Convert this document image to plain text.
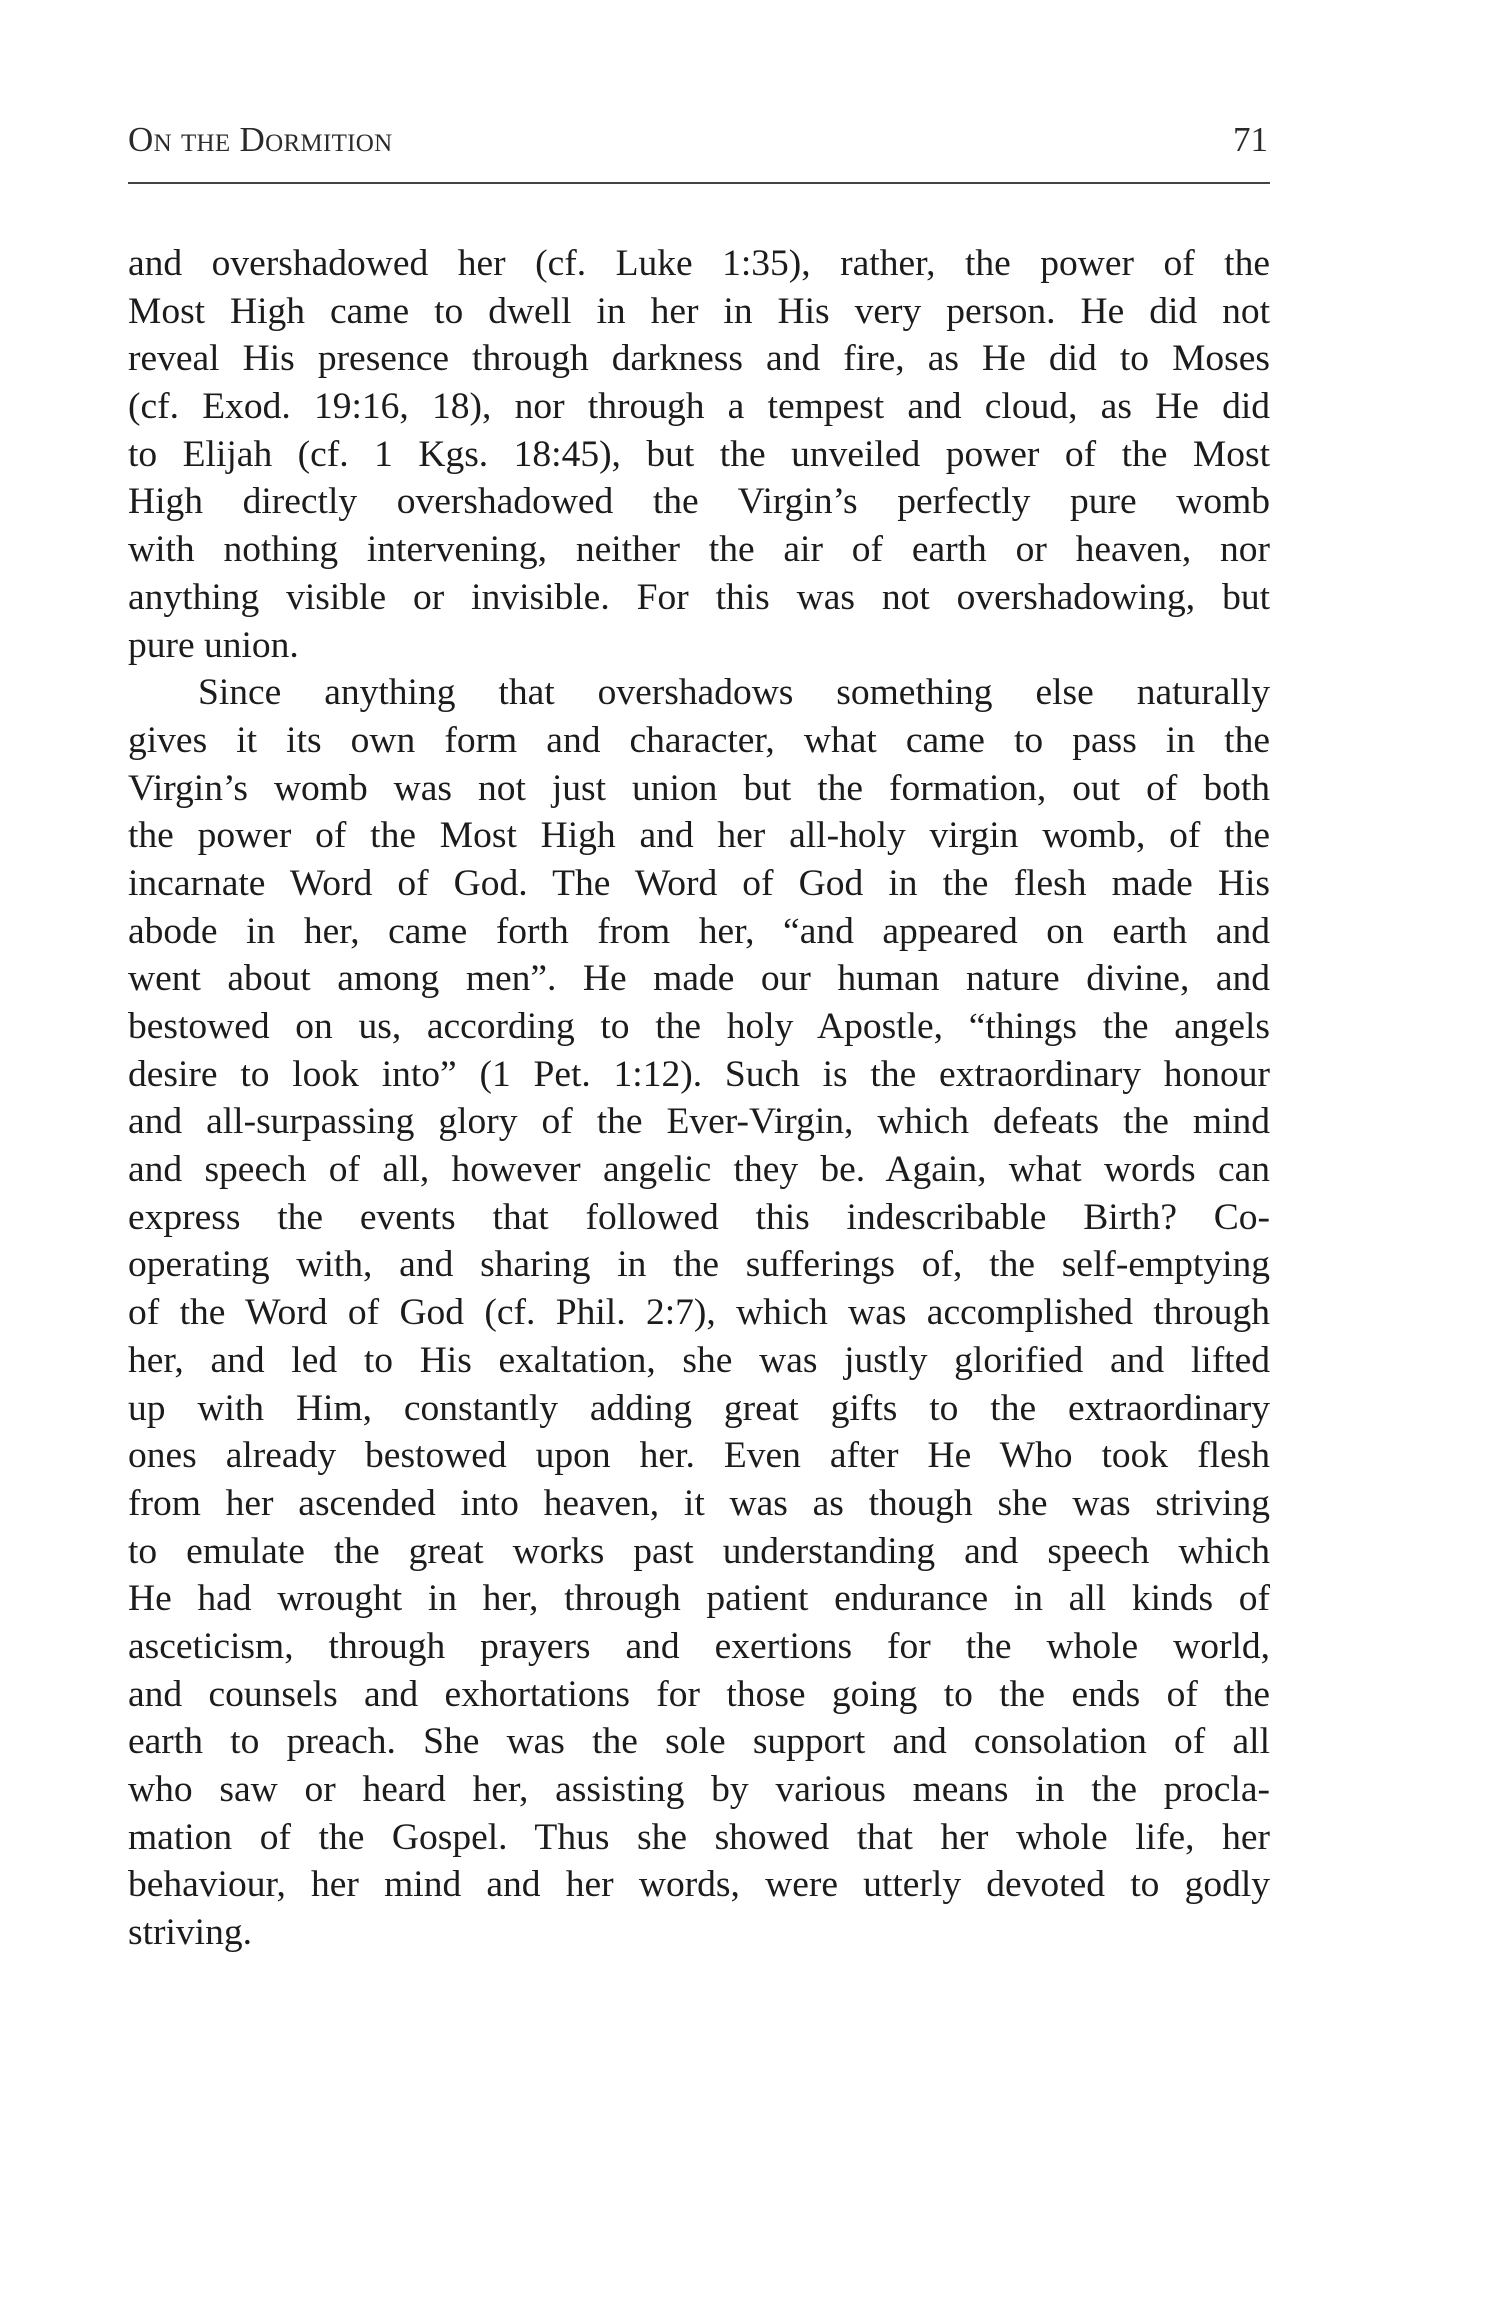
On the Dormition	71
and overshadowed her (cf. Luke 1:35), rather, the power of the
Most High came to dwell in her in His very person. He did not
reveal His presence through darkness and fire, as He did to Moses
(cf. Exod. 19:16, 18), nor through a tempest and cloud, as He did
to Elijah (cf. 1 Kgs. 18:45), but the unveiled power of the Most
High directly overshadowed the Virgin’s perfectly pure womb
with nothing intervening, neither the air of earth or heaven, nor
anything visible or invisible. For this was not overshadowing, but
pure union.
Since anything that overshadows something else naturally
gives it its own form and character, what came to pass in the
Virgin’s womb was not just union but the formation, out of both
the power of the Most High and her all-holy virgin womb, of the
incarnate Word of God. The Word of God in the flesh made His
abode in her, came forth from her, “and appeared on earth and
went about among men”. He made our human nature divine, and
bestowed on us, according to the holy Apostle, “things the angels
desire to look into” (1 Pet. 1:12). Such is the extraordinary honour
and all-surpassing glory of the Ever-Virgin, which defeats the mind
and speech of all, however angelic they be. Again, what words can
express the events that followed this indescribable Birth? Co-
operating with, and sharing in the sufferings of, the self-emptying
of the Word of God (cf. Phil. 2:7), which was accomplished through
her, and led to His exaltation, she was justly glorified and lifted
up with Him, constantly adding great gifts to the extraordinary
ones already bestowed upon her. Even after He Who took flesh
from her ascended into heaven, it was as though she was striving
to emulate the great works past understanding and speech which
He had wrought in her, through patient endurance in all kinds of
asceticism, through prayers and exertions for the whole world,
and counsels and exhortations for those going to the ends of the
earth to preach. She was the sole support and consolation of all
who saw or heard her, assisting by various means in the procla-
mation of the Gospel. Thus she showed that her whole life, her
behaviour, her mind and her words, were utterly devoted to godly
striving.
